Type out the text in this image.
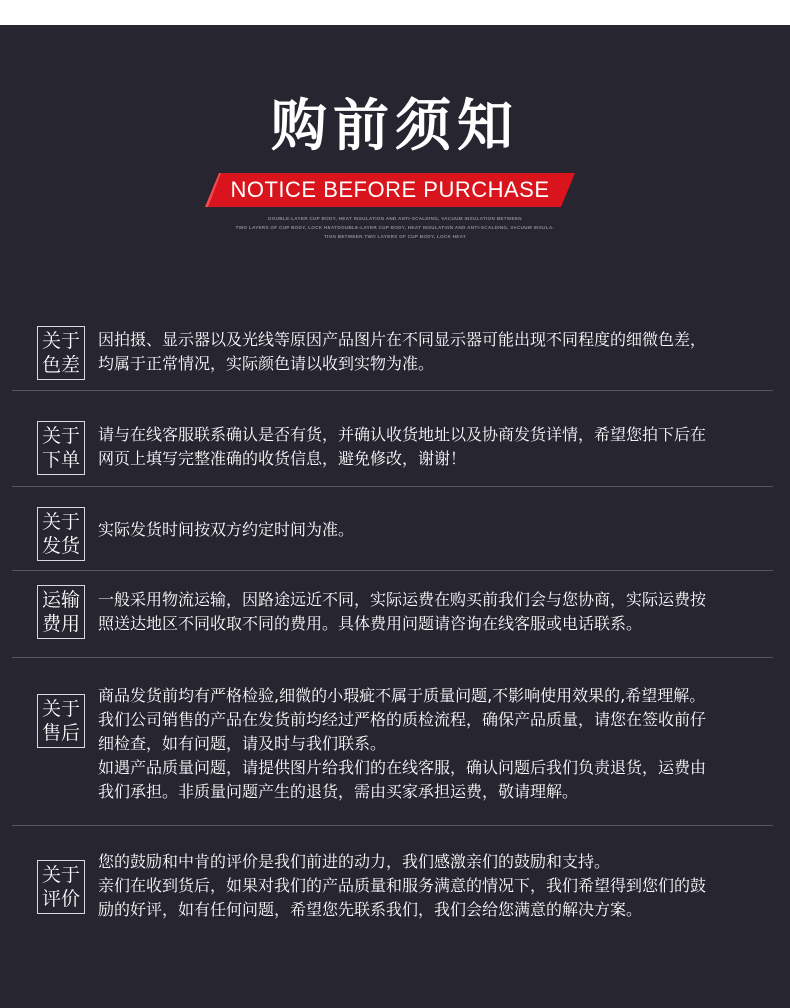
购前须知
NOTICE BEFORE PURCHASE
DOUBLE-LAYER CUP BODY, HEAT INSULATION AND ANTI-SCALDING, VACUUM INSULATION BETWEEN
TWO LAYERS OF CUP BODY, LOCK HEATDOUBLE-LAYER CUP BODY, HEAT INSULATION AND ANTI-SCALDING, VACUUM INSULA-
TION BETWEEN TWO LAYERS OF CUP BODY, LOCK HEAT
关于
色差

因拍摄、显示器以及光线等原因产品图片在不同显示器可能出现不同程度的细微色差，

均属于正常情况，实际颜色请以收到实物为准。

关于
下单

请与在线客服联系确认是否有货，并确认收货地址以及协商发货详情，希望您拍下后在

网页上填写完整准确的收货信息，避免修改，谢谢！

关于
发货

实际发货时间按双方约定时间为准。

运输
费用

一般采用物流运输，因路途远近不同，实际运费在购买前我们会与您协商，实际运费按

照送达地区不同收取不同的费用。具体费用问题请咨询在线客服或电话联系。

关于
售后

商品发货前均有严格检验,细微的小瑕疵不属于质量问题,不影响使用效果的,希望理解。

我们公司销售的产品在发货前均经过严格的质检流程，确保产品质量，请您在签收前仔

细检查，如有问题，请及时与我们联系。

如遇产品质量问题，请提供图片给我们的在线客服，确认问题后我们负责退货，运费由

我们承担。非质量问题产生的退货，需由买家承担运费，敬请理解。

关于
评价

您的鼓励和中肯的评价是我们前进的动力，我们感激亲们的鼓励和支持。

亲们在收到货后，如果对我们的产品质量和服务满意的情况下，我们希望得到您们的鼓

励的好评，如有任何问题，希望您先联系我们，我们会给您满意的解决方案。
